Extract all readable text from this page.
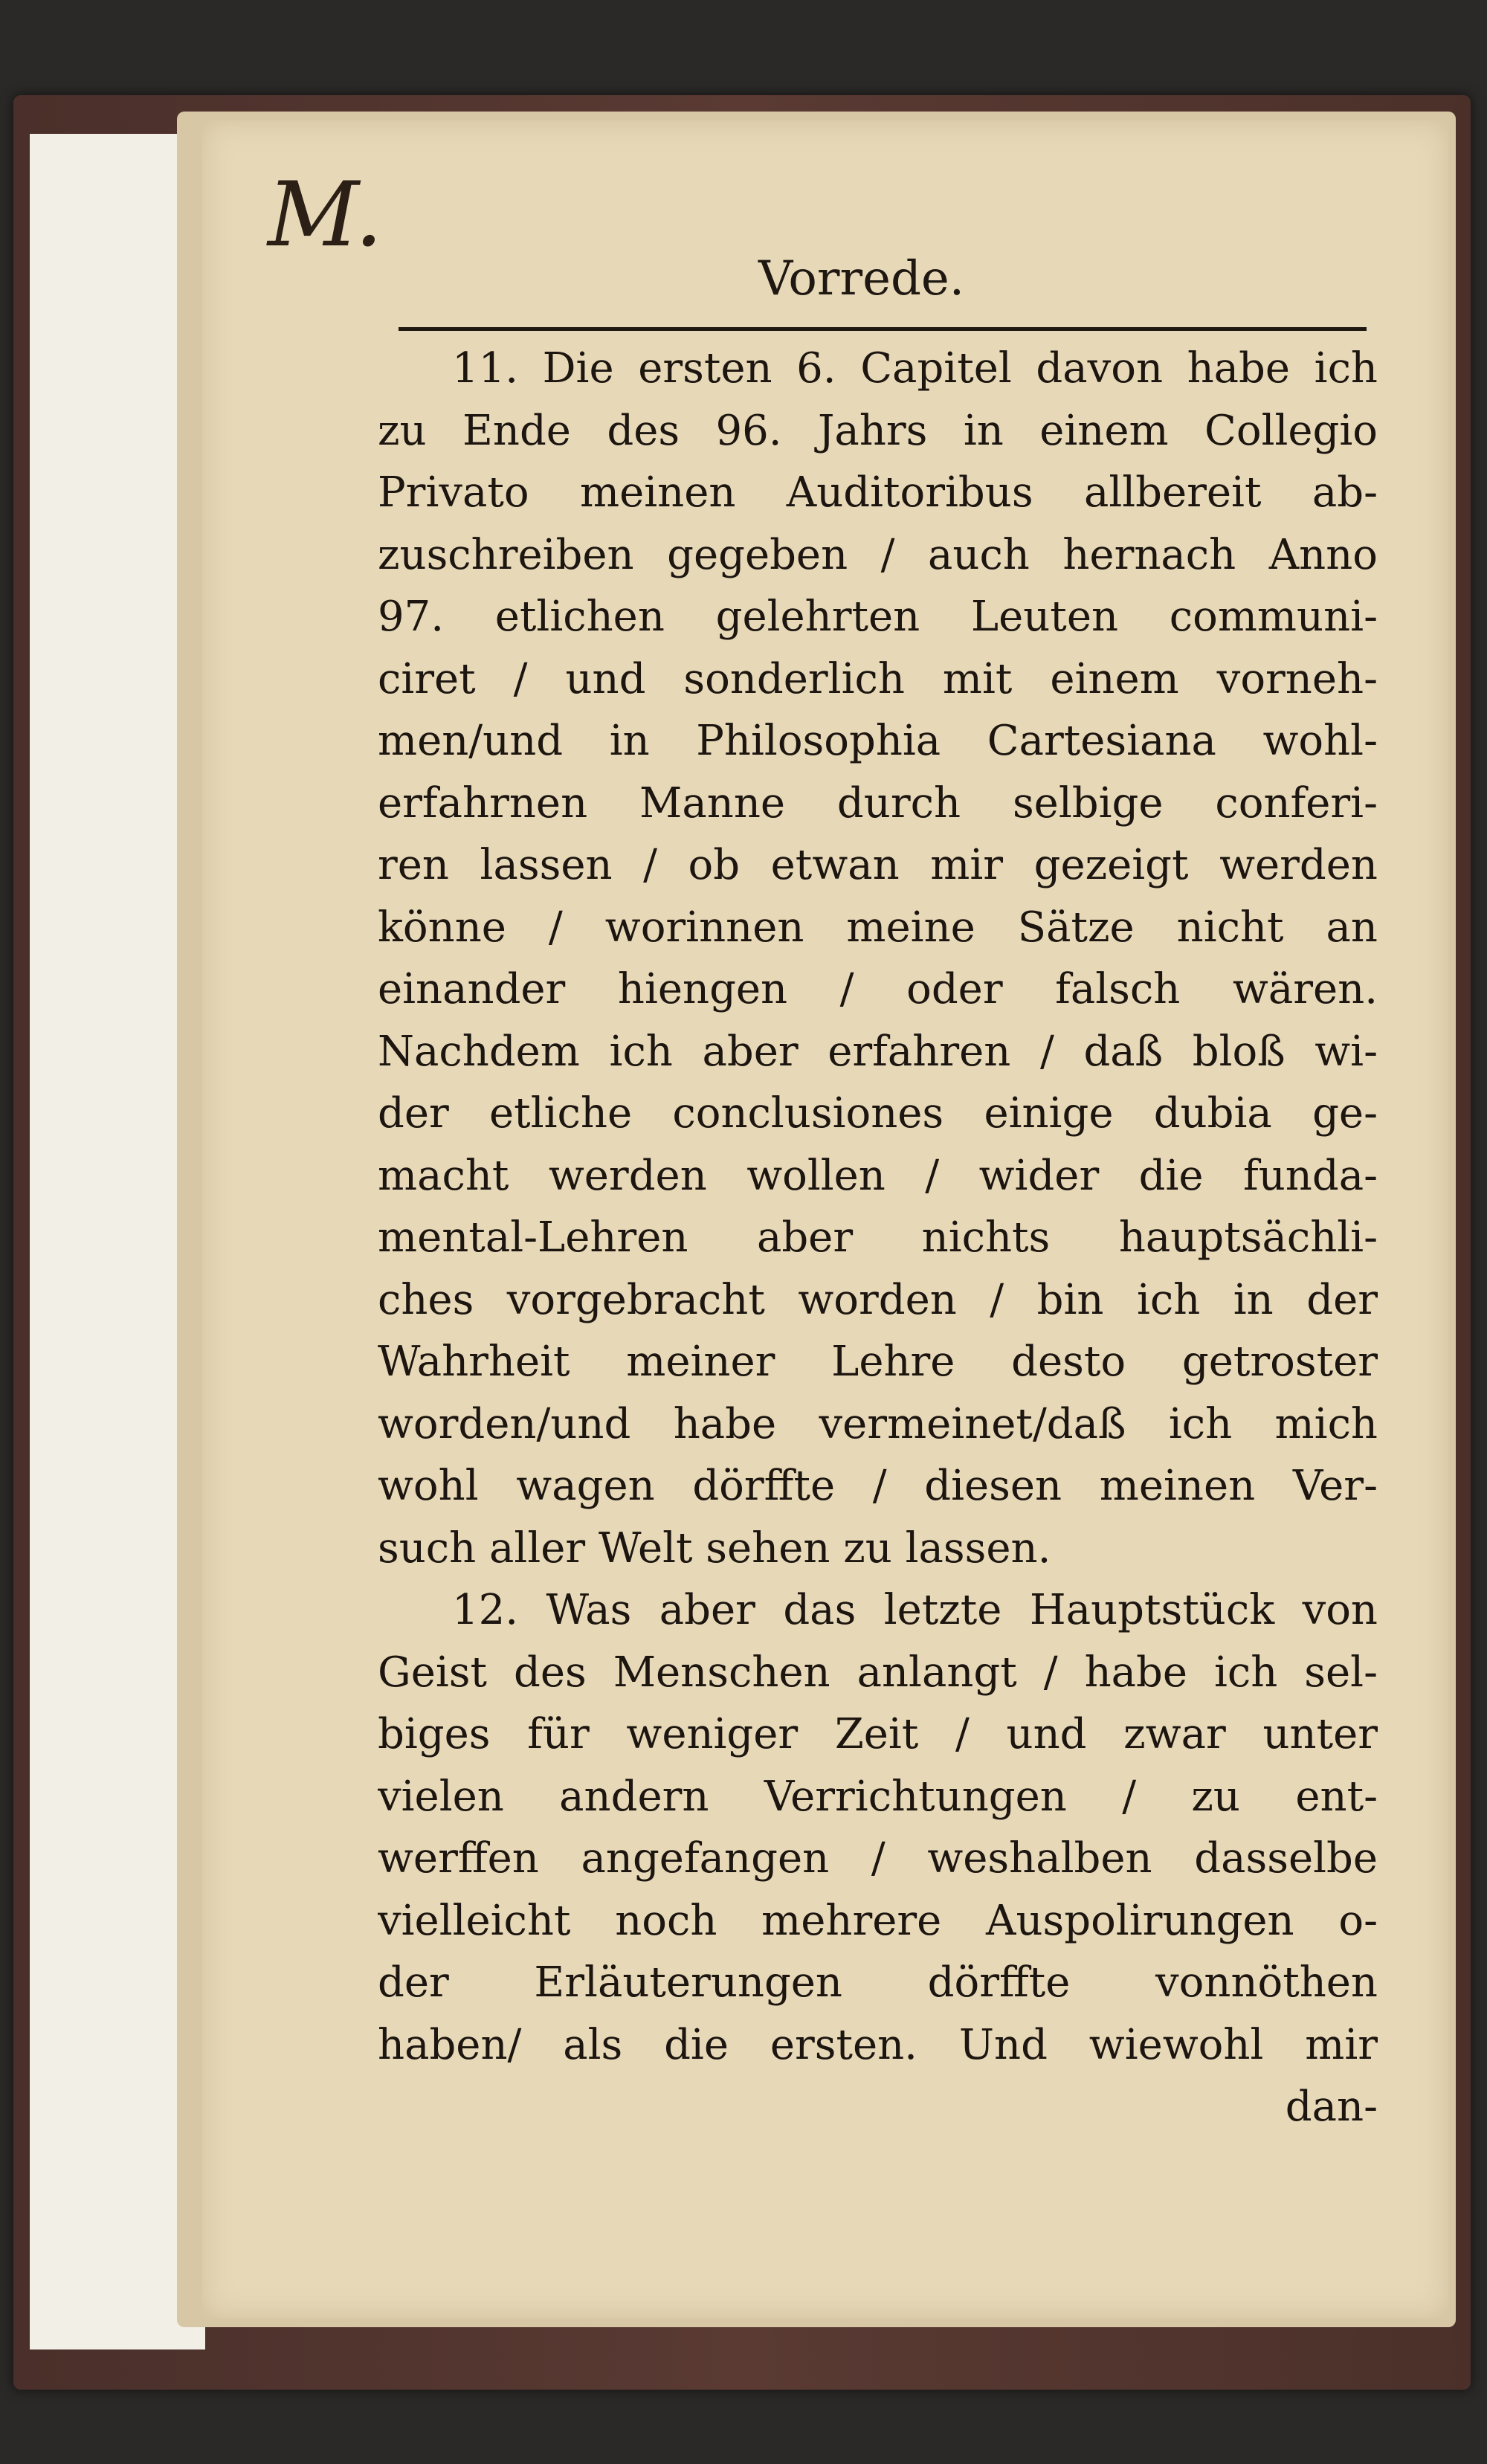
M.
Vorrede.
11. Die ersten 6. Capitel davon habe ich
zu Ende des 96. Jahrs in einem Collegio
Privato meinen Auditoribus allbereit ab-
zuschreiben gegeben / auch hernach Anno
97. etlichen gelehrten Leuten communi-
ciret / und sonderlich mit einem vorneh-
men/und in Philosophia Cartesiana wohl-
erfahrnen Manne durch selbige conferi-
ren lassen / ob etwan mir gezeigt werden
könne / worinnen meine Sätze nicht an
einander hiengen / oder falsch wären.
Nachdem ich aber erfahren / daß bloß wi-
der etliche conclusiones einige dubia ge-
macht werden wollen / wider die funda-
mental-Lehren aber nichts hauptsächli-
ches vorgebracht worden / bin ich in der
Wahrheit meiner Lehre desto getroster
worden/und habe vermeinet/daß ich mich
wohl wagen dörffte / diesen meinen Ver-
such aller Welt sehen zu lassen.
12. Was aber das letzte Hauptstück von
Geist des Menschen anlangt / habe ich sel-
biges für weniger Zeit / und zwar unter
vielen andern Verrichtungen / zu ent-
werffen angefangen / weshalben dasselbe
vielleicht noch mehrere Auspolirungen o-
der Erläuterungen dörffte vonnöthen
haben/ als die ersten. Und wiewohl mir
dan-
